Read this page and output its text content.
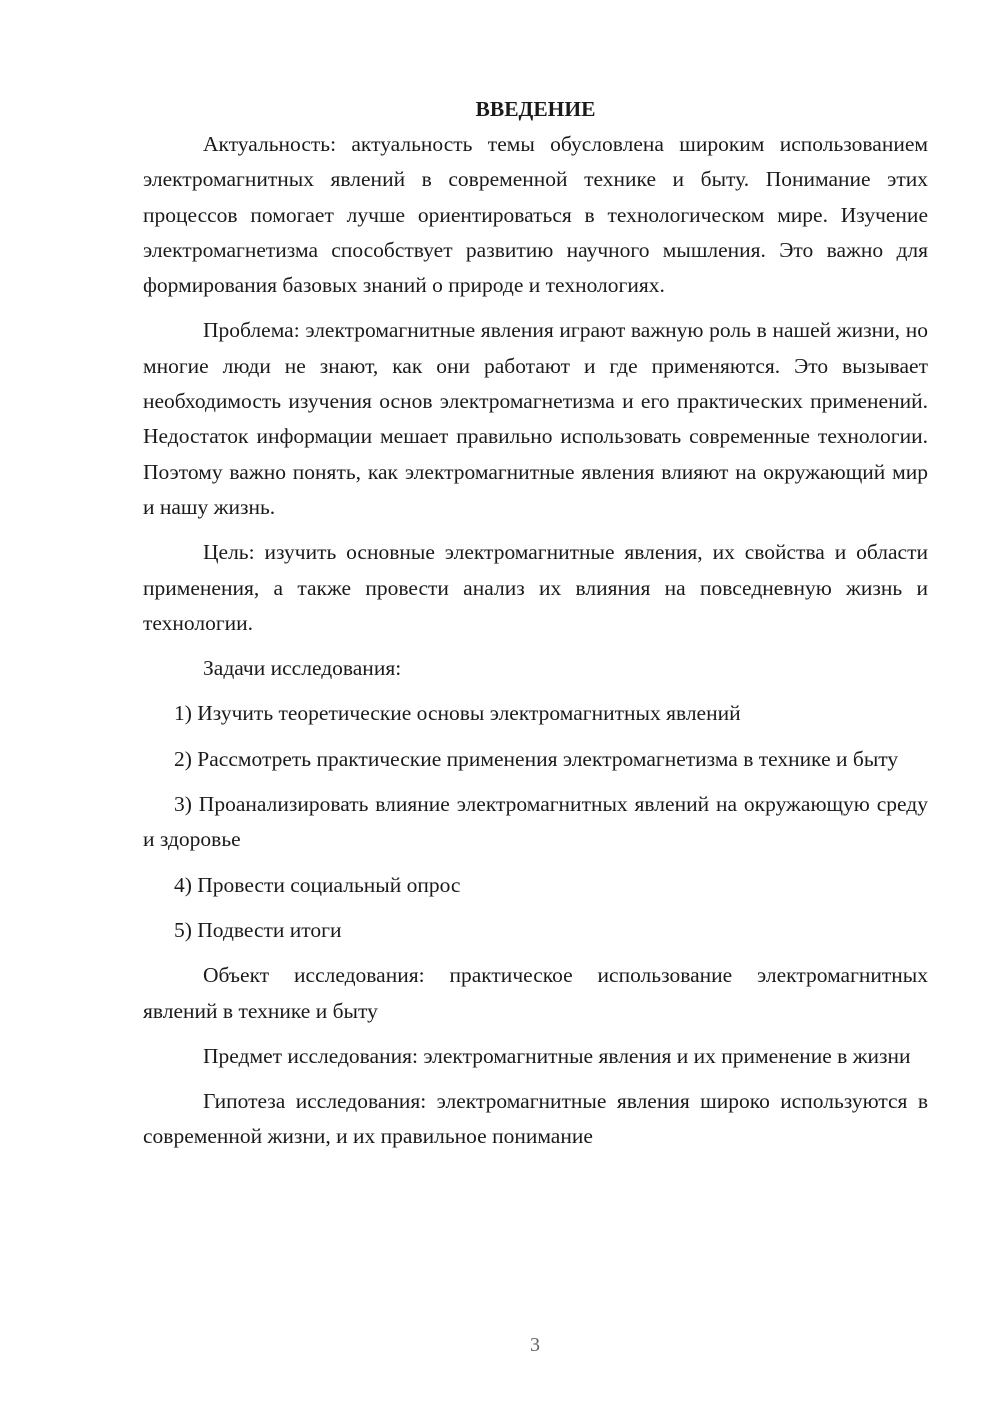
ВВЕДЕНИЕ

Актуальность: актуальность темы обусловлена широким использованием электромагнитных явлений в современной технике и быту. Понимание этих процессов помогает лучше ориентироваться в технологическом мире. Изучение электромагнетизма способствует развитию научного мышления. Это важно для формирования базовых знаний о природе и технологиях.

Проблема: электромагнитные явления играют важную роль в нашей жизни, но многие люди не знают, как они работают и где применяются. Это вызывает необходимость изучения основ электромагнетизма и его практических применений. Недостаток информации мешает правильно использовать современные технологии. Поэтому важно понять, как электромагнитные явления влияют на окружающий мир и нашу жизнь.

Цель: изучить основные электромагнитные явления, их свойства и области применения, а также провести анализ их влияния на повседневную жизнь и технологии.

Задачи исследования:

1) Изучить теоретические основы электромагнитных явлений

2) Рассмотреть практические применения электромагнетизма в технике и быту

3) Проанализировать влияние электромагнитных явлений на окружающую среду и здоровье

4) Провести социальный опрос

5) Подвести итоги

Объект исследования: практическое использование электромагнитных явлений в технике и быту

Предмет исследования: электромагнитные явления и их применение в жизни

Гипотеза исследования: электромагнитные явления широко используются в современной жизни, и их правильное понимание

3
